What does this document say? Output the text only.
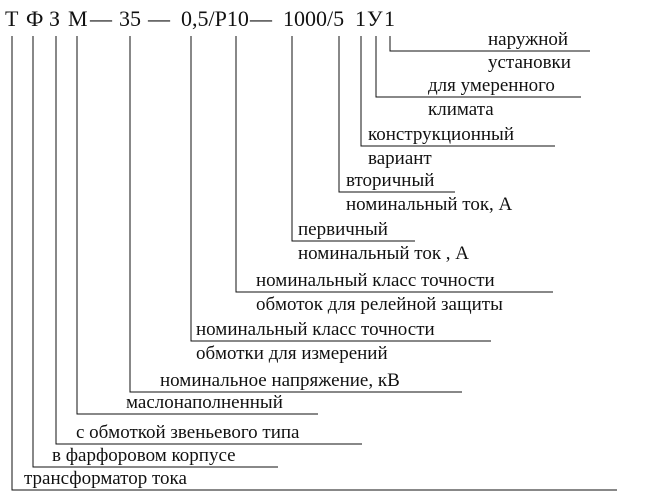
Т Ф З М — 35 — 0,5/Р10 — 1000/5 1 У 1
наружной
установки
для умеренного
климата
конструкционный
вариант
вторичный
номинальный ток, А
первичный
номинальный ток , А
номинальный класс точности
обмоток для релейной защиты
номинальный класс точности
обмотки для измерений
номинальное напряжение, кВ
маслонаполненный
с обмоткой звеньевого типа
в фарфоровом корпусе
трансформатор тока
